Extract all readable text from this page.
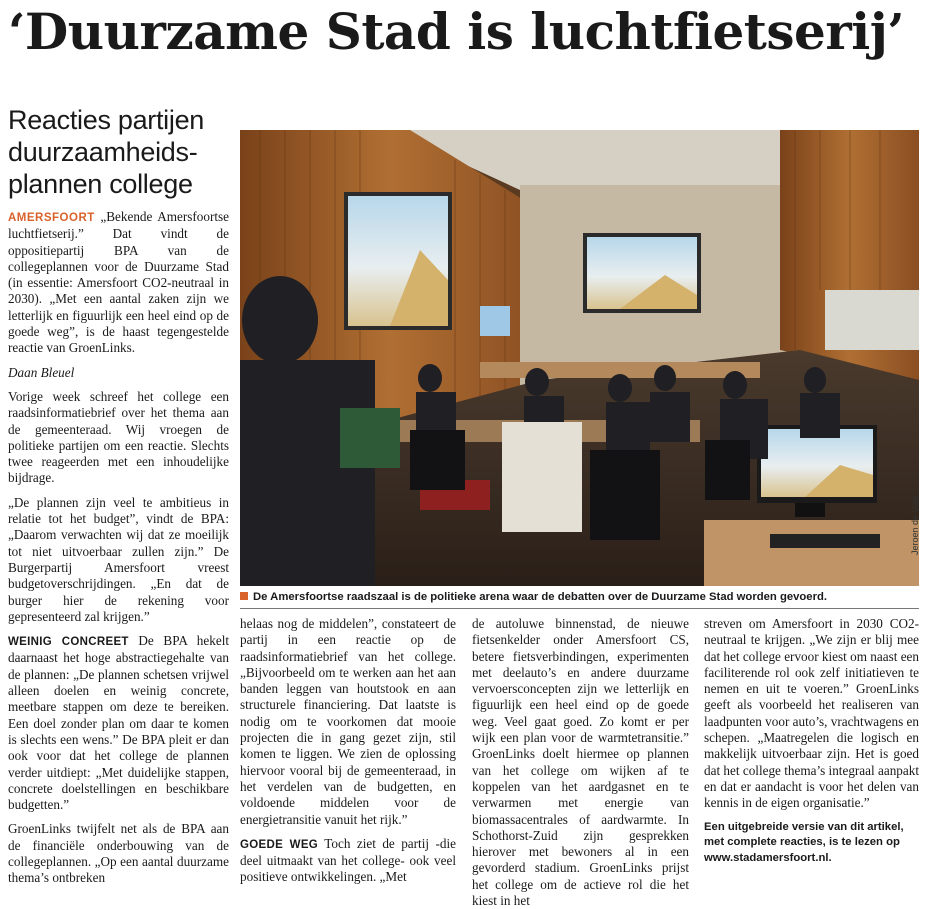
‘Duurzame Stad is luchtfietserij’
Reacties partijen duurzaamheids-plannen college

AMERSFOORT „Bekende Amersfoortse luchtfietserij.” Dat vindt de oppositiepartij BPA van de collegeplannen voor de Duurzame Stad (in essentie: Amersfoort CO2-neutraal in 2030). „Met een aantal zaken zijn we letterlijk en figuurlijk een heel eind op de goede weg”, is de haast tegengestelde reactie van GroenLinks.

Daan Bleuel

Vorige week schreef het college een raadsinformatiebrief over het thema aan de gemeenteraad. Wij vroegen de politieke partijen om een reactie. Slechts twee reageerden met een inhoudelijke bijdrage.

„De plannen zijn veel te ambitieus in relatie tot het budget”, vindt de BPA: „Daarom verwachten wij dat ze moeilijk tot niet uitvoerbaar zullen zijn.” De Burgerpartij Amersfoort vreest budgetoverschrijdingen. „En dat de burger hier de rekening voor gepresenteerd zal krijgen.”

WEINIG CONCREET De BPA hekelt daarnaast het hoge abstractiegehalte van de plannen: „De plannen schetsen vrijwel alleen doelen en weinig concrete, meetbare stappen om deze te bereiken. Een doel zonder plan om daar te komen is slechts een wens.” De BPA pleit er dan ook voor dat het college de plannen verder uitdiept: „Met duidelijke stappen, concrete doelstellingen en beschikbare budgetten.”

GroenLinks twijfelt net als de BPA aan de financiële onderbouwing van de collegeplannen. „Op een aantal duurzame thema’s ontbreken

Jeroen de Valk
De Amersfoortse raadszaal is de politieke arena waar de debatten over de Duurzame Stad worden gevoerd.

helaas nog de middelen”, constateert de partij in een reactie op de raadsinformatiebrief van het college. „Bijvoorbeeld om te werken aan het aan banden leggen van houtstook en aan structurele financiering. Dat laatste is nodig om te voorkomen dat mooie projecten die in gang gezet zijn, stil komen te liggen. We zien de oplossing hiervoor vooral bij de gemeenteraad, in het verdelen van de budgetten, en voldoende middelen voor de energietransitie vanuit het rijk.”

GOEDE WEG Toch ziet de partij -die deel uitmaakt van het college- ook veel positieve ontwikkelingen. „Met

de autoluwe binnenstad, de nieuwe fietsenkelder onder Amersfoort CS, betere fietsverbindingen, experimenten met deelauto’s en andere duurzame vervoersconcepten zijn we letterlijk en figuurlijk een heel eind op de goede weg. Veel gaat goed. Zo komt er per wijk een plan voor de warmtetransitie.” GroenLinks doelt hiermee op plannen van het college om wijken af te koppelen van het aardgasnet en te verwarmen met energie van biomassacentrales of aardwarmte. In Schothorst-Zuid zijn gesprekken hierover met bewoners al in een gevorderd stadium. GroenLinks prijst het college om de actieve rol die het kiest in het

streven om Amersfoort in 2030 CO2-neutraal te krijgen. „We zijn er blij mee dat het college ervoor kiest om naast een faciliterende rol ook zelf initiatieven te nemen en uit te voeren.” GroenLinks geeft als voorbeeld het realiseren van laadpunten voor auto’s, vrachtwagens en schepen. „Maatregelen die logisch en makkelijk uitvoerbaar zijn. Het is goed dat het college thema’s integraal aanpakt en dat er aandacht is voor het delen van kennis in de eigen organisatie.”

Een uitgebreide versie van dit artikel, met complete reacties, is te lezen op www.stadamersfoort.nl.
